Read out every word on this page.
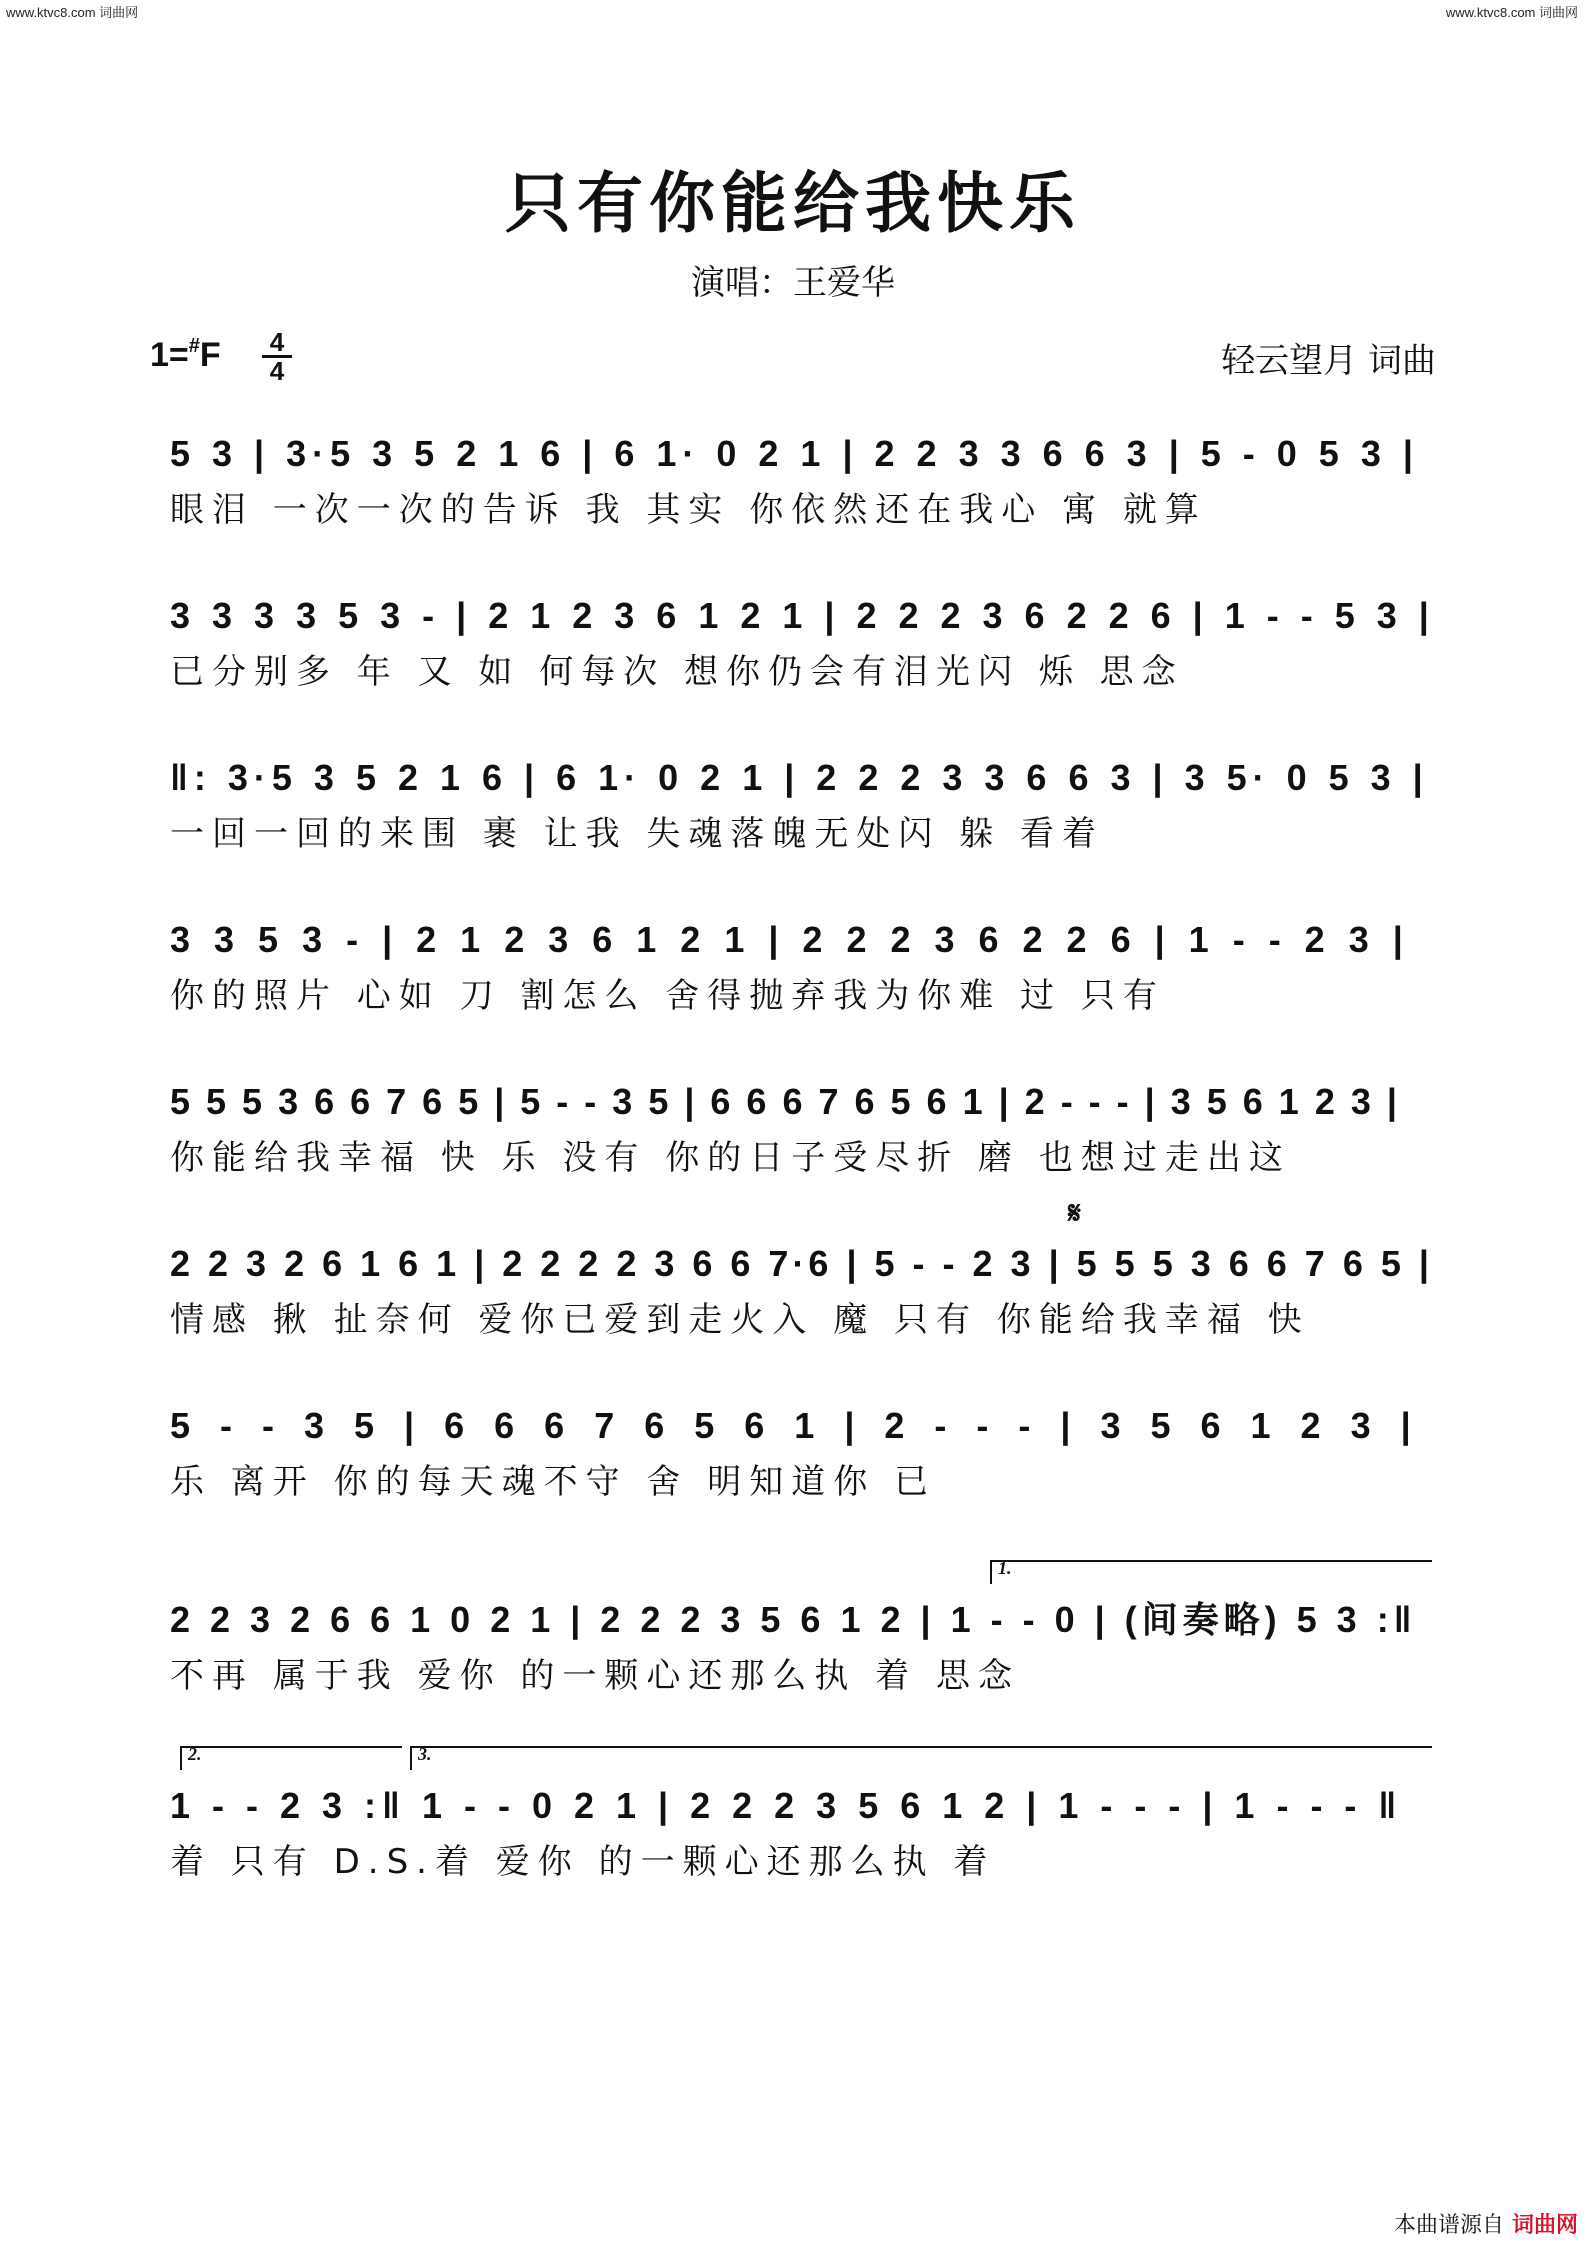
www.ktvc8.com 词曲网	www.ktvc8.com 词曲网
只有你能给我快乐
演唱：王爱华
1=#F 4
4	轻云望月 词曲
5 3 | 3·5 3 5 2 1 6 | 6 1· 0 2 1 | 2 2 3 3 6 6 3 | 5 - 0 5 3 |
眼泪 一次一次的告诉 我 其实 你依然还在我心 寓 就算
3 3 3 3 5 3 - | 2 1 2 3 6 1 2 1 | 2 2 2 3 6 2 2 6 | 1 - - 5 3 |
已分别多 年 又 如 何每次 想你仍会有泪光闪 烁 思念
‖: 3·5 3 5 2 1 6 | 6 1· 0 2 1 | 2 2 2 3 3 6 6 3 | 3 5· 0 5 3 |
一回一回的来围 裹 让我 失魂落魄无处闪 躲 看着
3 3 5 3 - | 2 1 2 3 6 1 2 1 | 2 2 2 3 6 2 2 6 | 1 - - 2 3 |
你的照片 心如 刀 割怎么 舍得抛弃我为你难 过 只有
5 5 5 3 6 6 7 6 5 | 5 - - 3 5 | 6 6 6 7 6 5 6 1 | 2 - - - | 3 5 6 1 2 3 |
你能给我幸福 快 乐 没有 你的日子受尽折 磨 也想过走出这
𝄋
2 2 3 2 6 1 6 1 | 2 2 2 2 3 6 6 7·6 | 5 - - 2 3 | 5 5 5 3 6 6 7 6 5 |
情感 揪 扯奈何 爱你已爱到走火入 魔 只有 你能给我幸福 快
5 - - 3 5 | 6 6 6 7 6 5 6 1 | 2 - - - | 3 5 6 1 2 3 |
乐 离开 你的每天魂不守 舍 明知道你 已
1.
2 2 3 2 6 6 1 0 2 1 | 2 2 2 3 5 6 1 2 | 1 - - 0 | (间奏略) 5 3 :‖
不再 属于我 爱你 的一颗心还那么执 着 思念
2.	3.
1 - - 2 3 :‖ 1 - - 0 2 1 | 2 2 2 3 5 6 1 2 | 1 - - - | 1 - - - ‖
着 只有 D.S.着 爱你 的一颗心还那么执 着
本曲谱源自 词曲网
